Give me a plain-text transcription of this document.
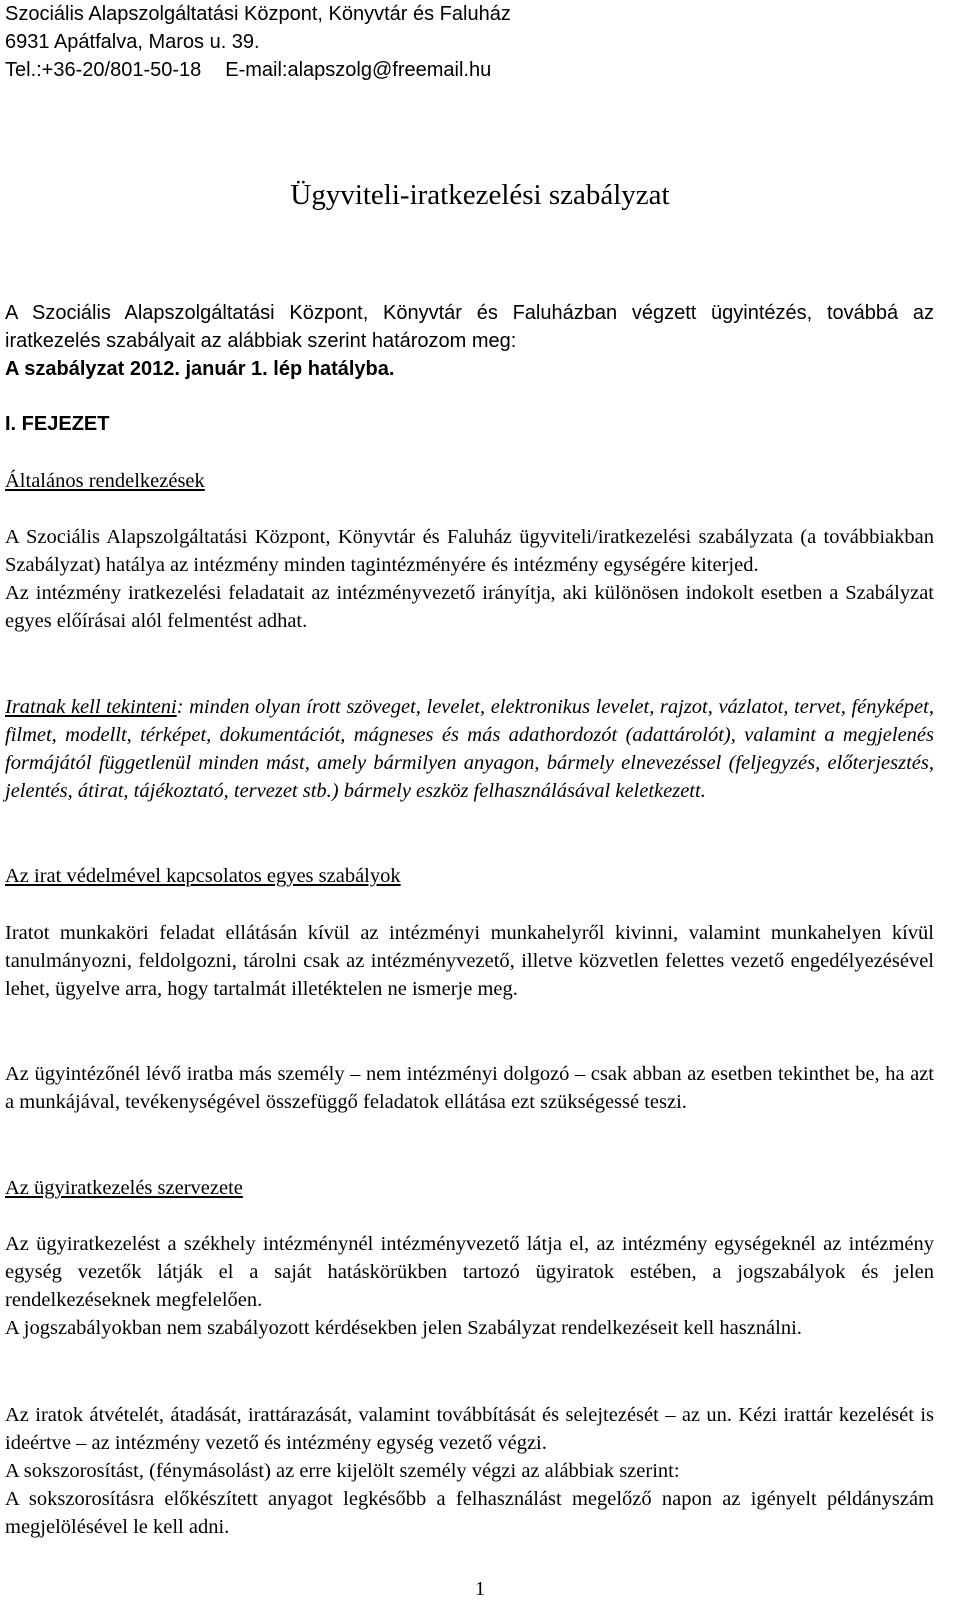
Szociális Alapszolgáltatási Központ, Könyvtár és Faluház
6931 Apátfalva, Maros u. 39.
Tel.:+36-20/801-50-18 E-mail:alapszolg@freemail.hu
Ügyviteli-iratkezelési szabályzat

A Szociális Alapszolgáltatási Központ, Könyvtár és Faluházban végzett ügyintézés, továbbá az iratkezelés szabályait az alábbiak szerint határozom meg:

A szabályzat 2012. január 1. lép hatályba.

I. FEJEZET
Általános rendelkezések

A Szociális Alapszolgáltatási Központ, Könyvtár és Faluház ügyviteli/iratkezelési szabályzata (a továbbiakban Szabályzat) hatálya az intézmény minden tagintézményére és intézmény egységére kiterjed.

Az intézmény iratkezelési feladatait az intézményvezető irányítja, aki különösen indokolt esetben a Szabályzat egyes előírásai alól felmentést adhat.

Iratnak kell tekinteni: minden olyan írott szöveget, levelet, elektronikus levelet, rajzot, vázlatot, tervet, fényképet, filmet, modellt, térképet, dokumentációt, mágneses és más adathordozót (adattárolót), valamint a megjelenés formájától függetlenül minden mást, amely bármilyen anyagon, bármely elnevezéssel (feljegyzés, előterjesztés, jelentés, átirat, tájékoztató, tervezet stb.) bármely eszköz felhasználásával keletkezett.
Az irat védelmével kapcsolatos egyes szabályok
Iratot munkaköri feladat ellátásán kívül az intézményi munkahelyről kivinni, valamint munkahelyen kívül tanulmányozni, feldolgozni, tárolni csak az intézményvezető, illetve közvetlen felettes vezető engedélyezésével lehet, ügyelve arra, hogy tartalmát illetéktelen ne ismerje meg.
Az ügyintézőnél lévő iratba más személy – nem intézményi dolgozó – csak abban az esetben tekinthet be, ha azt a munkájával, tevékenységével összefüggő feladatok ellátása ezt szükségessé teszi.
Az ügyiratkezelés szervezete

Az ügyiratkezelést a székhely intézménynél intézményvezető látja el, az intézmény egységeknél az intézmény egység vezetők látják el a saját hatáskörükben tartozó ügyiratok estében, a jogszabályok és jelen rendelkezéseknek megfelelően.

A jogszabályokban nem szabályozott kérdésekben jelen Szabályzat rendelkezéseit kell használni.

Az iratok átvételét, átadását, irattárazását, valamint továbbítását és selejtezését – az un. Kézi irattár kezelését is ideértve – az intézmény vezető és intézmény egység vezető végzi.

A sokszorosítást, (fénymásolást) az erre kijelölt személy végzi az alábbiak szerint:

A sokszorosításra előkészített anyagot legkésőbb a felhasználást megelőző napon az igényelt példányszám megjelölésével le kell adni.

1
